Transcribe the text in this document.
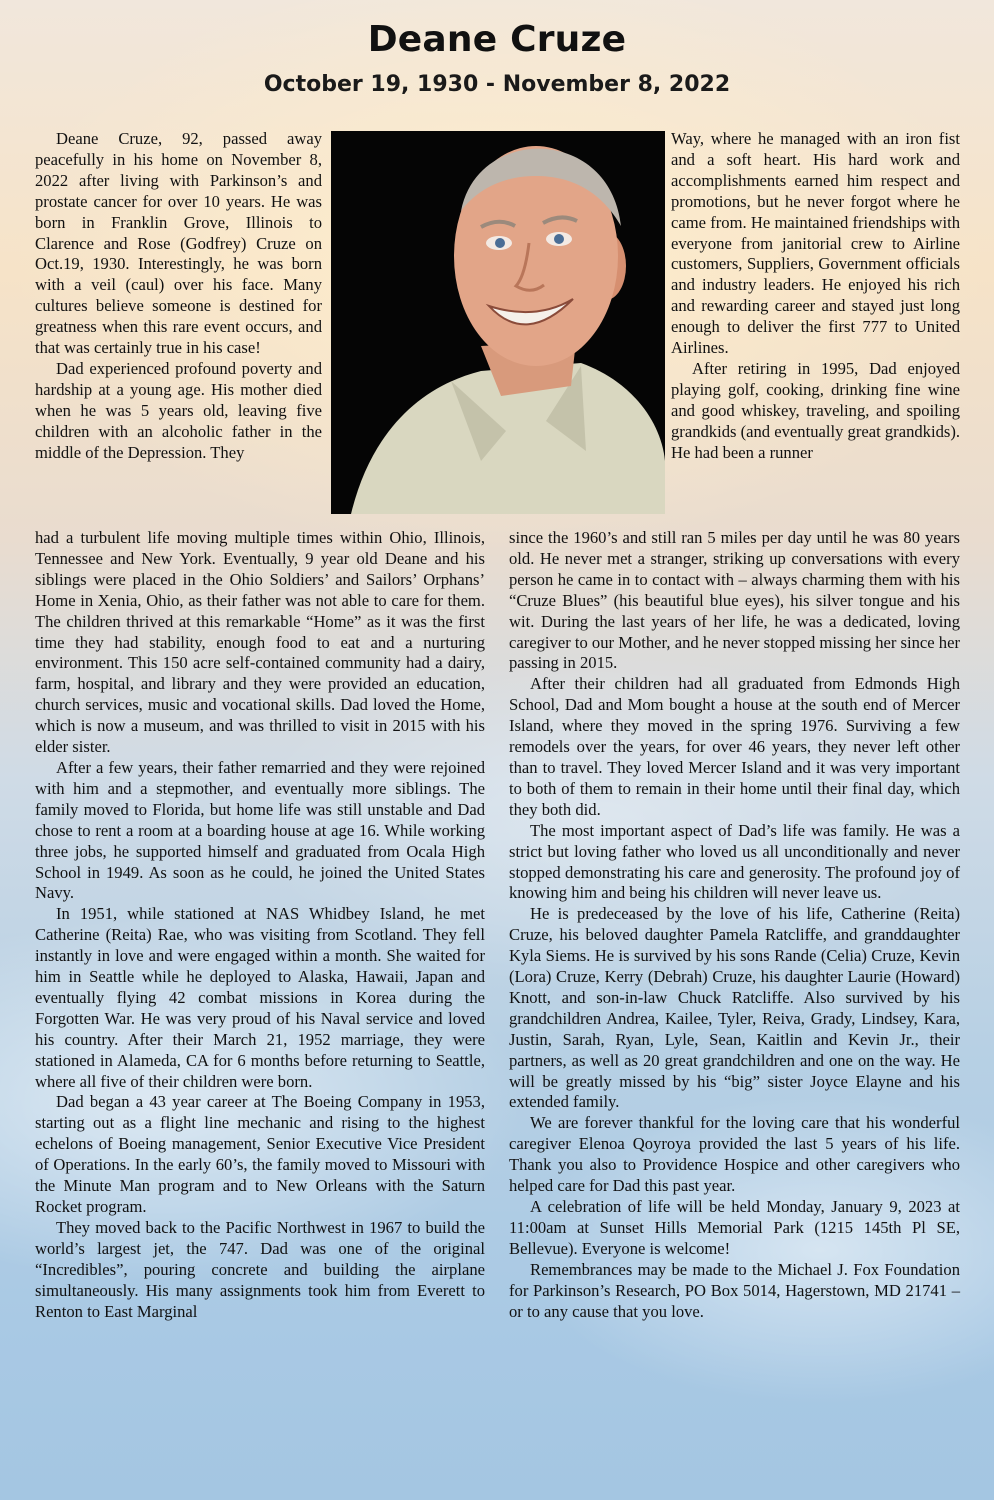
Deane Cruze
October 19, 1930 - November 8, 2022

Deane Cruze, 92, passed away peacefully in his home on November 8, 2022 after living with Parkinson’s and prostate cancer for over 10 years. He was born in Franklin Grove, Illinois to Clarence and Rose (Godfrey) Cruze on Oct.19, 1930. Interestingly, he was born with a veil (caul) over his face. Many cultures believe someone is destined for greatness when this rare event occurs, and that was certainly true in his case!

Dad experienced profound poverty and hardship at a young age. His mother died when he was 5 years old, leaving five children with an alcoholic father in the middle of the Depression. They

had a turbulent life moving multiple times within Ohio, Illinois, Tennessee and New York. Eventually, 9 year old Deane and his siblings were placed in the Ohio Soldiers’ and Sailors’ Orphans’ Home in Xenia, Ohio, as their father was not able to care for them. The children thrived at this remarkable “Home” as it was the first time they had stability, enough food to eat and a nurturing environment. This 150 acre self-contained community had a dairy, farm, hospital, and library and they were provided an education, church services, music and vocational skills. Dad loved the Home, which is now a museum, and was thrilled to visit in 2015 with his elder sister.

After a few years, their father remarried and they were rejoined with him and a stepmother, and eventually more siblings. The family moved to Florida, but home life was still unstable and Dad chose to rent a room at a boarding house at age 16. While working three jobs, he supported himself and graduated from Ocala High School in 1949. As soon as he could, he joined the United States Navy.

In 1951, while stationed at NAS Whidbey Island, he met Catherine (Reita) Rae, who was visiting from Scotland. They fell instantly in love and were engaged within a month. She waited for him in Seattle while he deployed to Alaska, Hawaii, Japan and eventually flying 42 combat missions in Korea during the Forgotten War. He was very proud of his Naval service and loved his country. After their March 21, 1952 marriage, they were stationed in Alameda, CA for 6 months before returning to Seattle, where all five of their children were born.

Dad began a 43 year career at The Boeing Company in 1953, starting out as a flight line mechanic and rising to the highest echelons of Boeing management, Senior Executive Vice President of Operations. In the early 60’s, the family moved to Missouri with the Minute Man program and to New Orleans with the Saturn Rocket program.

They moved back to the Pacific Northwest in 1967 to build the world’s largest jet, the 747. Dad was one of the original “Incredibles”, pouring concrete and building the airplane simultaneously. His many assignments took him from Everett to Renton to East Marginal

Way, where he managed with an iron fist and a soft heart. His hard work and accomplishments earned him respect and promotions, but he never forgot where he came from. He maintained friendships with everyone from janitorial crew to Airline customers, Suppliers, Government officials and industry leaders. He enjoyed his rich and rewarding career and stayed just long enough to deliver the first 777 to United Airlines.

After retiring in 1995, Dad enjoyed playing golf, cooking, drinking fine wine and good whiskey, traveling, and spoiling grandkids (and eventually great grandkids). He had been a runner

since the 1960’s and still ran 5 miles per day until he was 80 years old. He never met a stranger, striking up conversations with every person he came in to contact with – always charming them with his “Cruze Blues” (his beautiful blue eyes), his silver tongue and his wit. During the last years of her life, he was a dedicated, loving caregiver to our Mother, and he never stopped missing her since her passing in 2015.

After their children had all graduated from Edmonds High School, Dad and Mom bought a house at the south end of Mercer Island, where they moved in the spring 1976. Surviving a few remodels over the years, for over 46 years, they never left other than to travel. They loved Mercer Island and it was very important to both of them to remain in their home until their final day, which they both did.

The most important aspect of Dad’s life was family. He was a strict but loving father who loved us all unconditionally and never stopped demonstrating his care and generosity. The profound joy of knowing him and being his children will never leave us.

He is predeceased by the love of his life, Catherine (Reita) Cruze, his beloved daughter Pamela Ratcliffe, and granddaughter Kyla Siems. He is survived by his sons Rande (Celia) Cruze, Kevin (Lora) Cruze, Kerry (Debrah) Cruze, his daughter Laurie (Howard) Knott, and son-in-law Chuck Ratcliffe. Also survived by his grandchildren Andrea, Kailee, Tyler, Reiva, Grady, Lindsey, Kara, Justin, Sarah, Ryan, Lyle, Sean, Kaitlin and Kevin Jr., their partners, as well as 20 great grandchildren and one on the way. He will be greatly missed by his “big” sister Joyce Elayne and his extended family.

We are forever thankful for the loving care that his wonderful caregiver Elenoa Qoyroya provided the last 5 years of his life. Thank you also to Providence Hospice and other caregivers who helped care for Dad this past year.

A celebration of life will be held Monday, January 9, 2023 at 11:00am at Sunset Hills Memorial Park (1215 145th Pl SE, Bellevue). Everyone is welcome!

Remembrances may be made to the Michael J. Fox Foundation for Parkinson’s Research, PO Box 5014, Hagerstown, MD 21741 – or to any cause that you love.
